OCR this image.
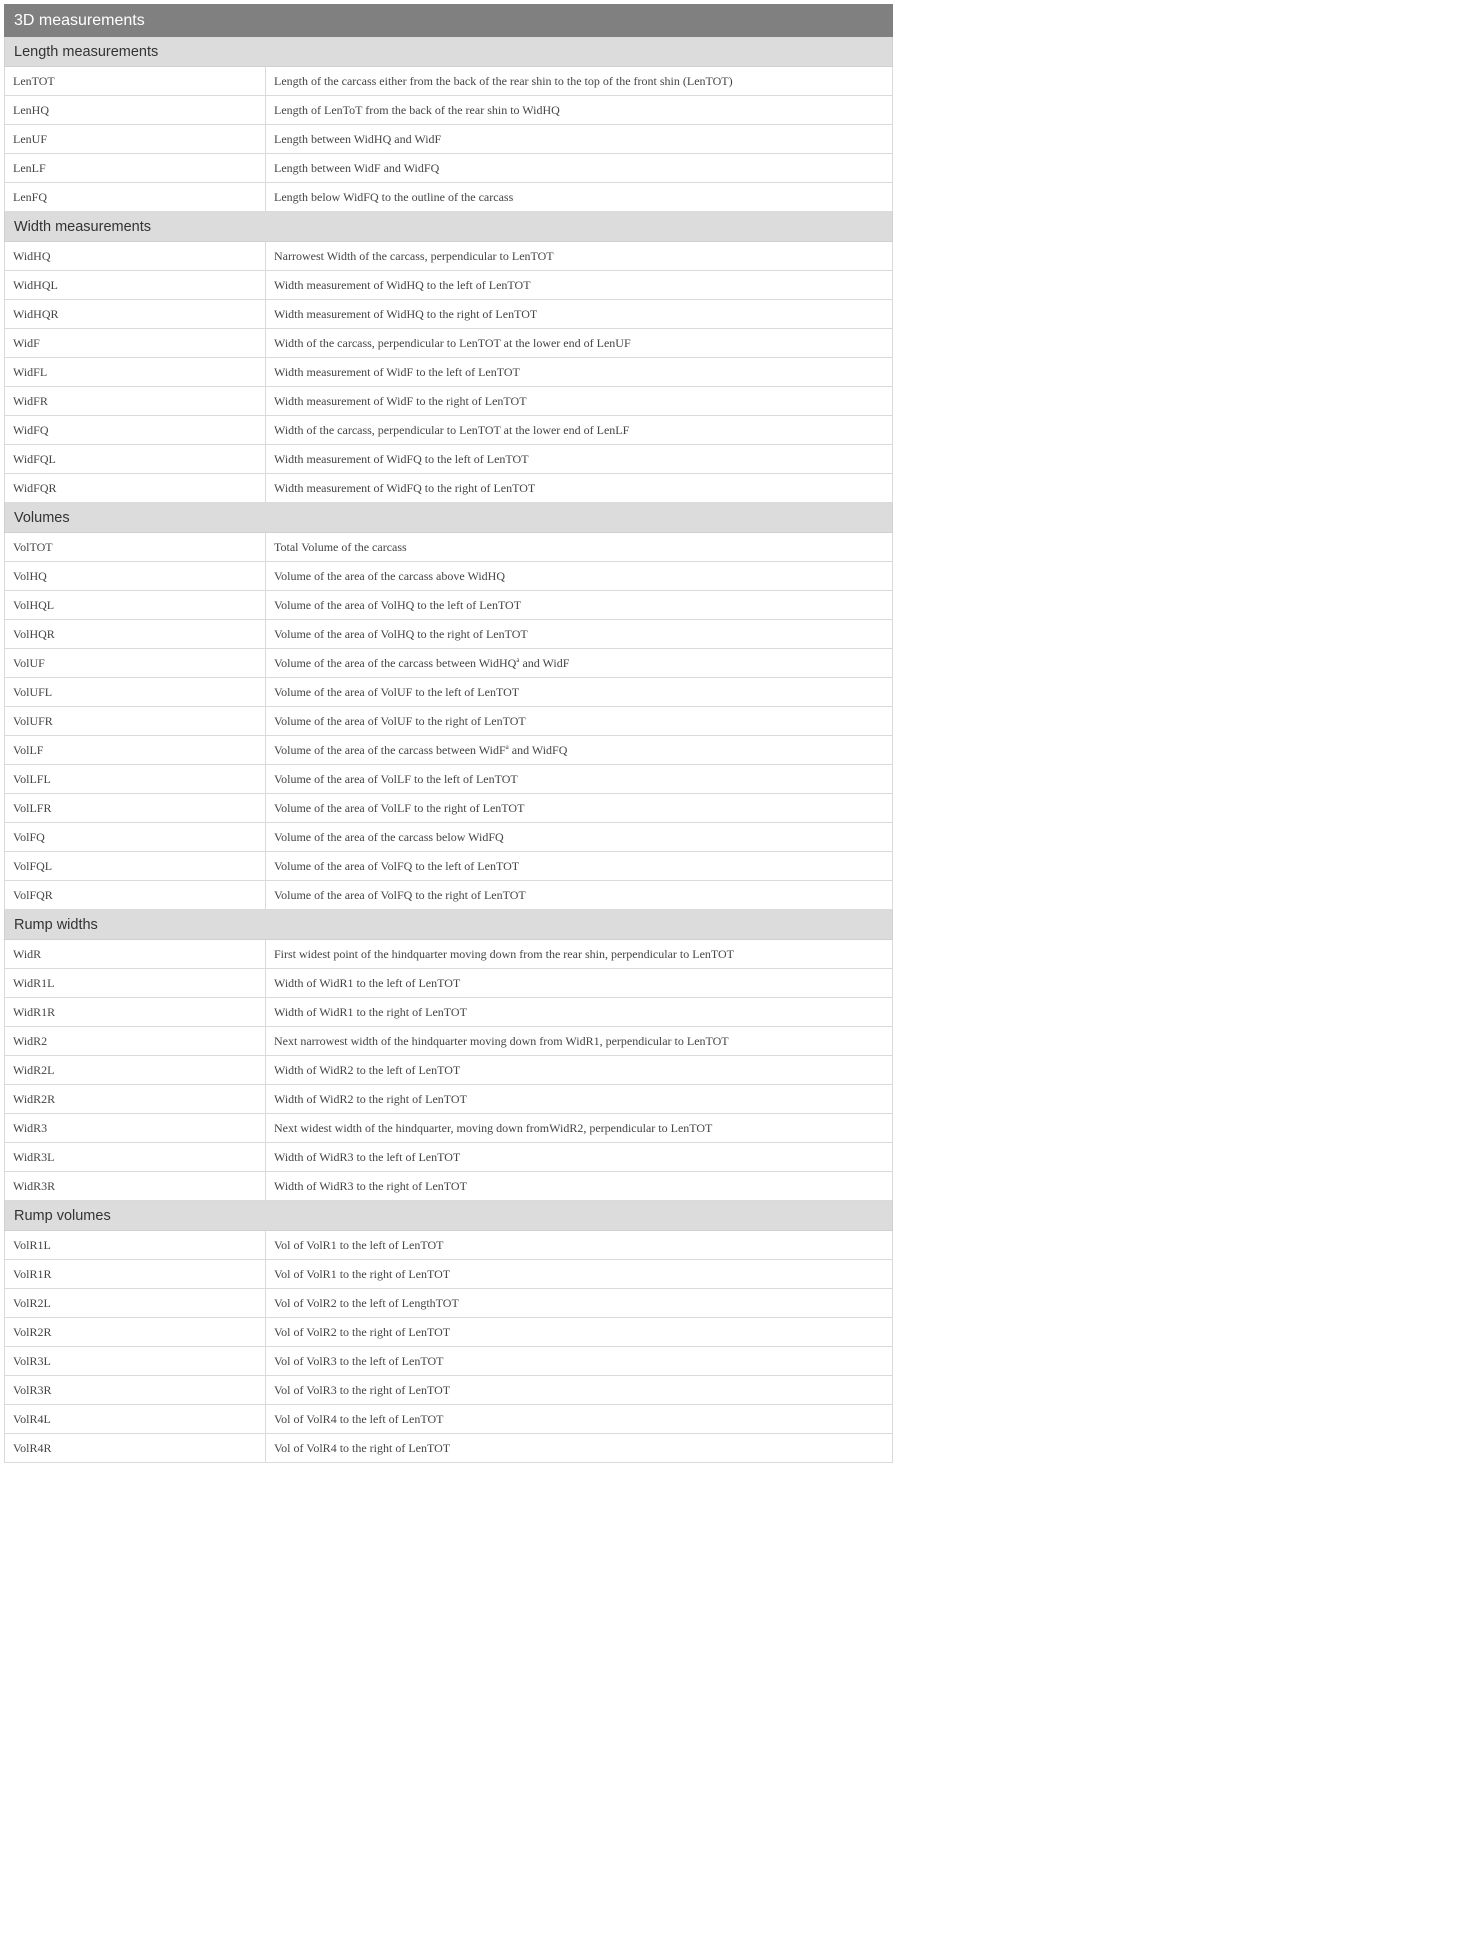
3D measurements	
Length measurements	
LenTOT	Length of the carcass either from the back of the rear shin to the top of the front shin (LenTOT)
LenHQ	Length of LenToT from the back of the rear shin to WidHQ
LenUF	Length between WidHQ and WidF
LenLF	Length between WidF and WidFQ
LenFQ	Length below WidFQ to the outline of the carcass
Width measurements	
WidHQ	Narrowest Width of the carcass, perpendicular to LenTOT
WidHQL	Width measurement of WidHQ to the left of LenTOT
WidHQR	Width measurement of WidHQ to the right of LenTOT
WidF	Width of the carcass, perpendicular to LenTOT at the lower end of LenUF
WidFL	Width measurement of WidF to the left of LenTOT
WidFR	Width measurement of WidF to the right of LenTOT
WidFQ	Width of the carcass, perpendicular to LenTOT at the lower end of LenLF
WidFQL	Width measurement of WidFQ to the left of LenTOT
WidFQR	Width measurement of WidFQ to the right of LenTOT
Volumes	
VolTOT	Total Volume of the carcass
VolHQ	Volume of the area of the carcass above WidHQ
VolHQL	Volume of the area of VolHQ to the left of LenTOT
VolHQR	Volume of the area of VolHQ to the right of LenTOT
VolUF	Volume of the area of the carcass between WidHQ$^a$ and WidF
VolUFL	Volume of the area of VolUF to the left of LenTOT
VolUFR	Volume of the area of VolUF to the right of LenTOT
VolLF	Volume of the area of the carcass between WidF$^a$ and WidFQ
VolLFL	Volume of the area of VolLF to the left of LenTOT
VolLFR	Volume of the area of VolLF to the right of LenTOT
VolFQ	Volume of the area of the carcass below WidFQ
VolFQL	Volume of the area of VolFQ to the left of LenTOT
VolFQR	Volume of the area of VolFQ to the right of LenTOT
Rump widths	
WidR	First widest point of the hindquarter moving down from the rear shin, perpendicular to LenTOT
WidR1L	Width of WidR1 to the left of LenTOT
WidR1R	Width of WidR1 to the right of LenTOT
WidR2	Next narrowest width of the hindquarter moving down from WidR1, perpendicular to LenTOT
WidR2L	Width of WidR2 to the left of LenTOT
WidR2R	Width of WidR2 to the right of LenTOT
WidR3	Next widest width of the hindquarter, moving down fromWidR2, perpendicular to LenTOT
WidR3L	Width of WidR3 to the left of LenTOT
WidR3R	Width of WidR3 to the right of LenTOT
Rump volumes	
VolR1L	Vol of VolR1 to the left of LenTOT
VolR1R	Vol of VolR1 to the right of LenTOT
VolR2L	Vol of VolR2 to the left of LengthTOT
VolR2R	Vol of VolR2 to the right of LenTOT
VolR3L	Vol of VolR3 to the left of LenTOT
VolR3R	Vol of VolR3 to the right of LenTOT
VolR4L	Vol of VolR4 to the left of LenTOT
VolR4R	Vol of VolR4 to the right of LenTOT
